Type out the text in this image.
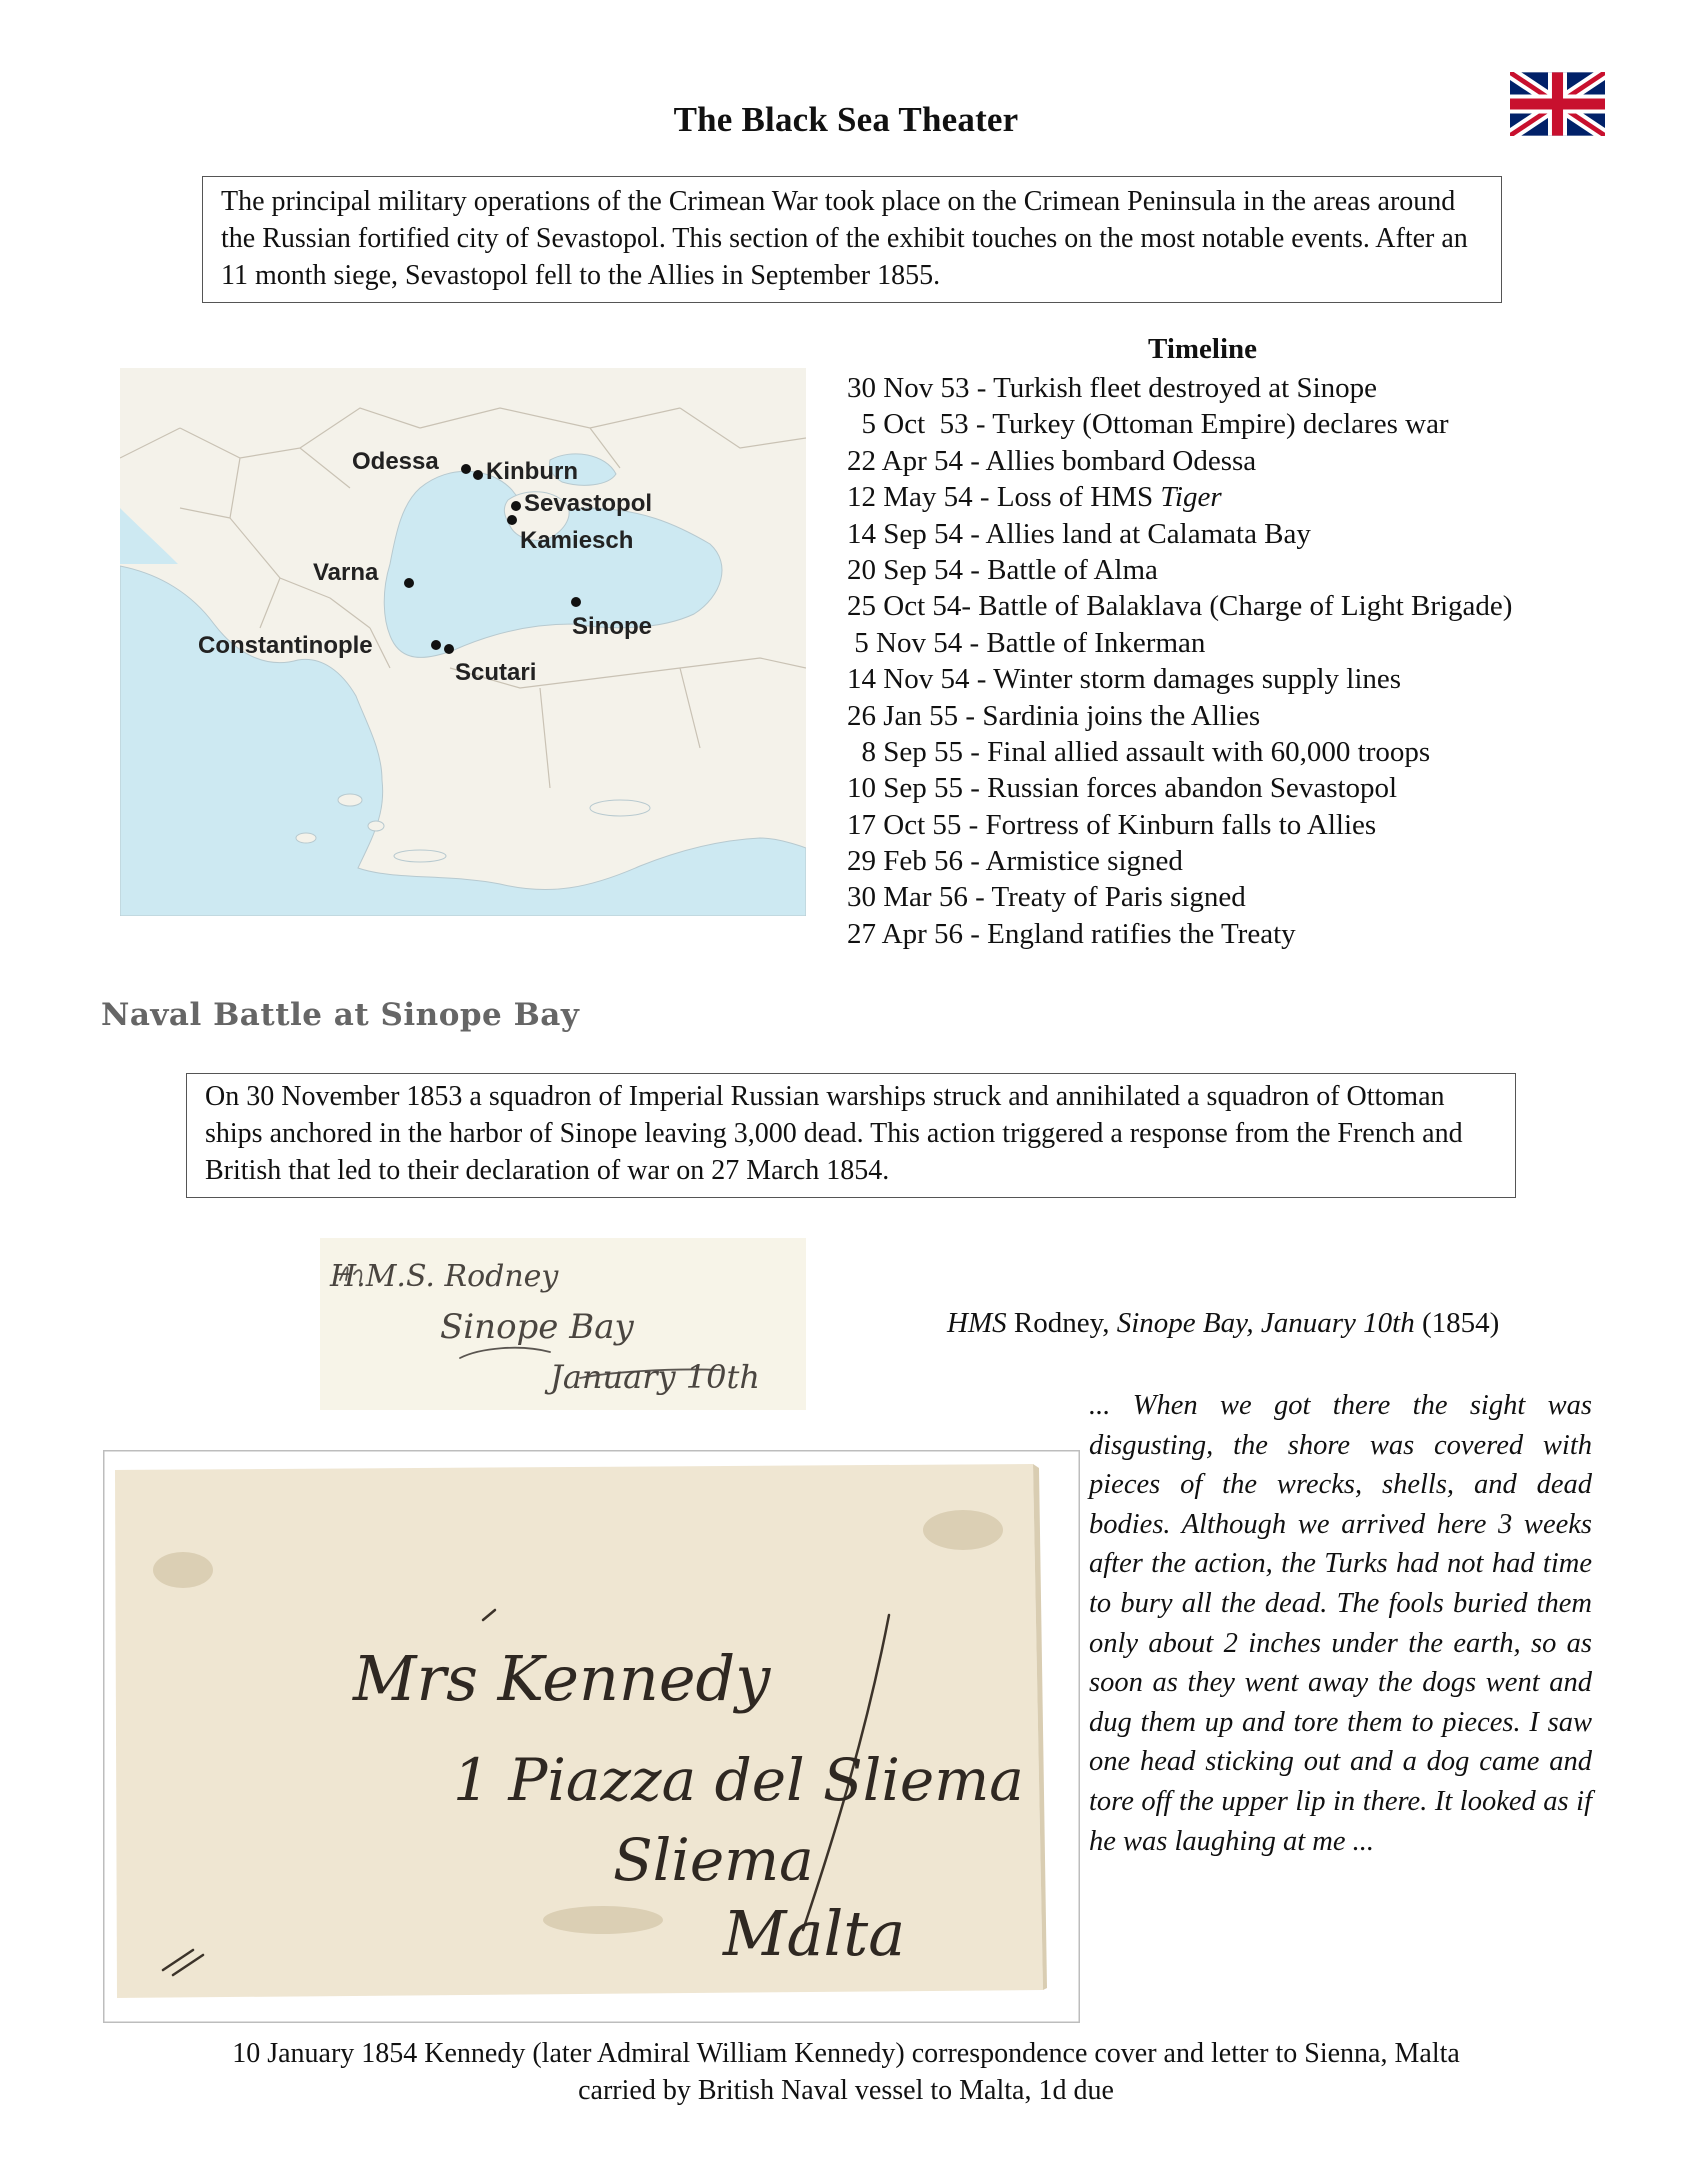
The Black Sea Theater
The principal military operations of the Crimean War took place on the Crimean Peninsula in the areas around the Russian fortified city of Sevastopol. This section of the exhibit touches on the most notable events. After an 11 month siege, Sevastopol fell to the Allies in September 1855.
Odessa Kinburn
Sevastopol
Kamiesch
Varna
Sinope
Constantinople
Scutari
Timeline
30 Nov 53 - Turkish fleet destroyed at Sinope
5 Oct  53 - Turkey (Ottoman Empire) declares war
22 Apr 54 - Allies bombard Odessa
12 May 54 - Loss of HMS Tiger
14 Sep 54 - Allies land at Calamata Bay
20 Sep 54 - Battle of Alma
25 Oct 54- Battle of Balaklava (Charge of Light Brigade)
5 Nov 54 - Battle of Inkerman
14 Nov 54 - Winter storm damages supply lines
26 Jan 55 - Sardinia joins the Allies
8 Sep 55 - Final allied assault with 60,000 troops
10 Sep 55 - Russian forces abandon Sevastopol
17 Oct 55 - Fortress of Kinburn falls to Allies
29 Feb 56 - Armistice signed
30 Mar 56 - Treaty of Paris signed
27 Apr 56 - England ratifies the Treaty
Naval Battle at Sinope Bay
On 30 November 1853 a squadron of Imperial Russian warships struck and annihilated a squadron of Ottoman ships anchored in the harbor of Sinope leaving 3,000 dead. This action triggered a response from the French and British that led to their declaration of war on 27 March 1854.
H.M.S. Rodney
Sinope Bay
January 10th
HMS Rodney, Sinope Bay, January 10th (1854)

... When we got there the sight was disgusting, the shore was covered with pieces of the wrecks, shells, and dead bodies. Although we arrived here 3 weeks after the action, the Turks had not had time to bury all the dead. The fools buried them only about 2 inches under the earth, so as soon as they went away the dogs went and dug them up and tore them to pieces. I saw one head sticking out and a dog came and tore off the upper lip in there. It looked as if he was laughing at me ...

Mrs Kennedy
1 Piazza del Sliema
Sliema
Malta
10 January 1854 Kennedy (later Admiral William Kennedy) correspondence cover and letter to Sienna, Malta
carried by British Naval vessel to Malta, 1d due
